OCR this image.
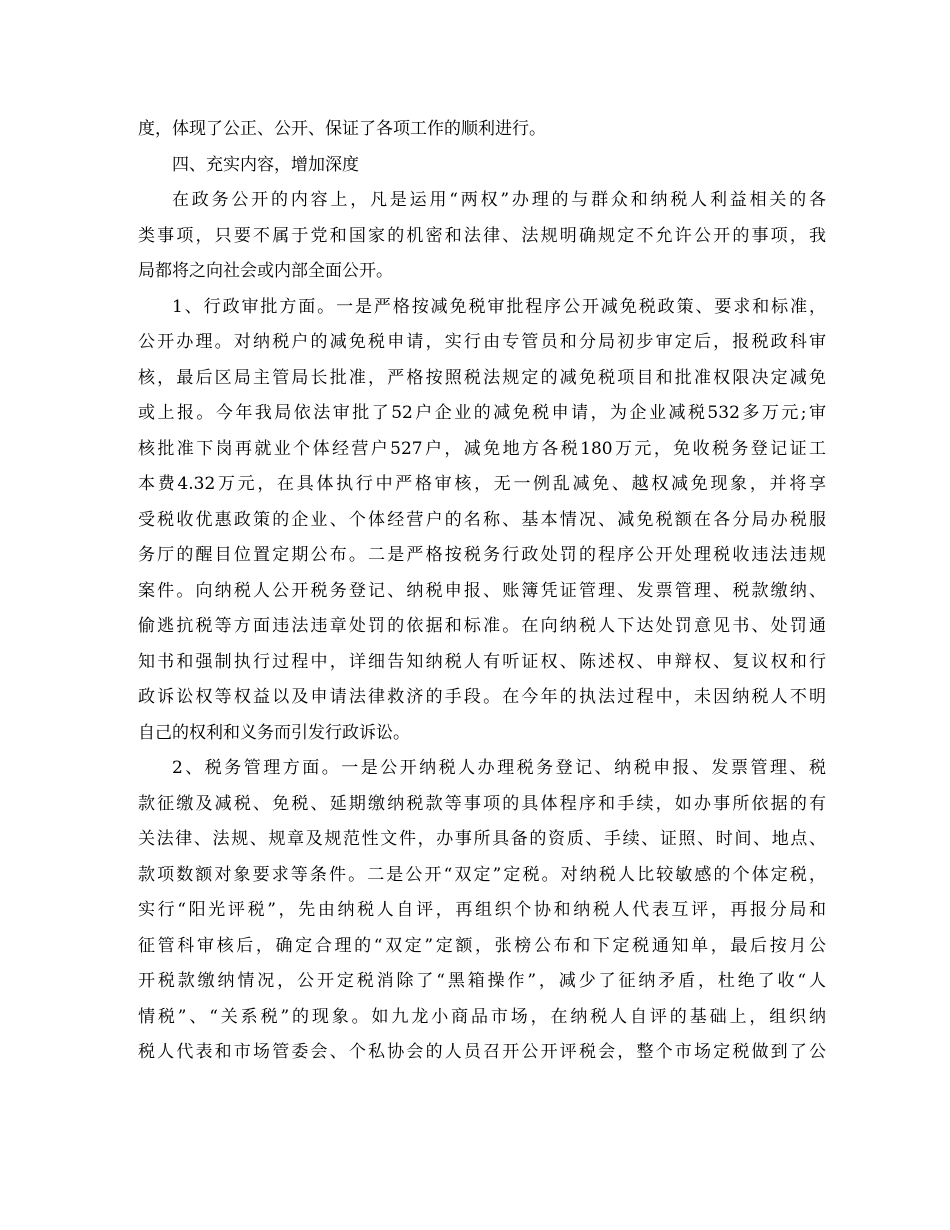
度，体现了公正、公开、保证了各项工作的顺利进行。
四、充实内容，增加深度
在政务公开的内容上，凡是运用“两权”办理的与群众和纳税人利益相关的各
类事项，只要不属于党和国家的机密和法律、法规明确规定不允许公开的事项，我
局都将之向社会或内部全面公开。
1、行政审批方面。一是严格按减免税审批程序公开减免税政策、要求和标准，
公开办理。对纳税户的减免税申请，实行由专管员和分局初步审定后，报税政科审
核，最后区局主管局长批准，严格按照税法规定的减免税项目和批准权限决定减免
或上报。今年我局依法审批了52户企业的减免税申请，为企业减税532多万元;审
核批准下岗再就业个体经营户527户，减免地方各税180万元，免收税务登记证工
本费4.32万元，在具体执行中严格审核，无一例乱减免、越权减免现象，并将享
受税收优惠政策的企业、个体经营户的名称、基本情况、减免税额在各分局办税服
务厅的醒目位置定期公布。二是严格按税务行政处罚的程序公开处理税收违法违规
案件。向纳税人公开税务登记、纳税申报、账簿凭证管理、发票管理、税款缴纳、
偷逃抗税等方面违法违章处罚的依据和标准。在向纳税人下达处罚意见书、处罚通
知书和强制执行过程中，详细告知纳税人有听证权、陈述权、申辩权、复议权和行
政诉讼权等权益以及申请法律救济的手段。在今年的执法过程中，未因纳税人不明
自己的权利和义务而引发行政诉讼。
2、税务管理方面。一是公开纳税人办理税务登记、纳税申报、发票管理、税
款征缴及减税、免税、延期缴纳税款等事项的具体程序和手续，如办事所依据的有
关法律、法规、规章及规范性文件，办事所具备的资质、手续、证照、时间、地点、
款项数额对象要求等条件。二是公开“双定”定税。对纳税人比较敏感的个体定税，
实行“阳光评税”，先由纳税人自评，再组织个协和纳税人代表互评，再报分局和
征管科审核后，确定合理的“双定”定额，张榜公布和下定税通知单，最后按月公
开税款缴纳情况，公开定税消除了“黑箱操作”，减少了征纳矛盾，杜绝了收“人
情税”、“关系税”的现象。如九龙小商品市场，在纳税人自评的基础上，组织纳
税人代表和市场管委会、个私协会的人员召开公开评税会，整个市场定税做到了公
